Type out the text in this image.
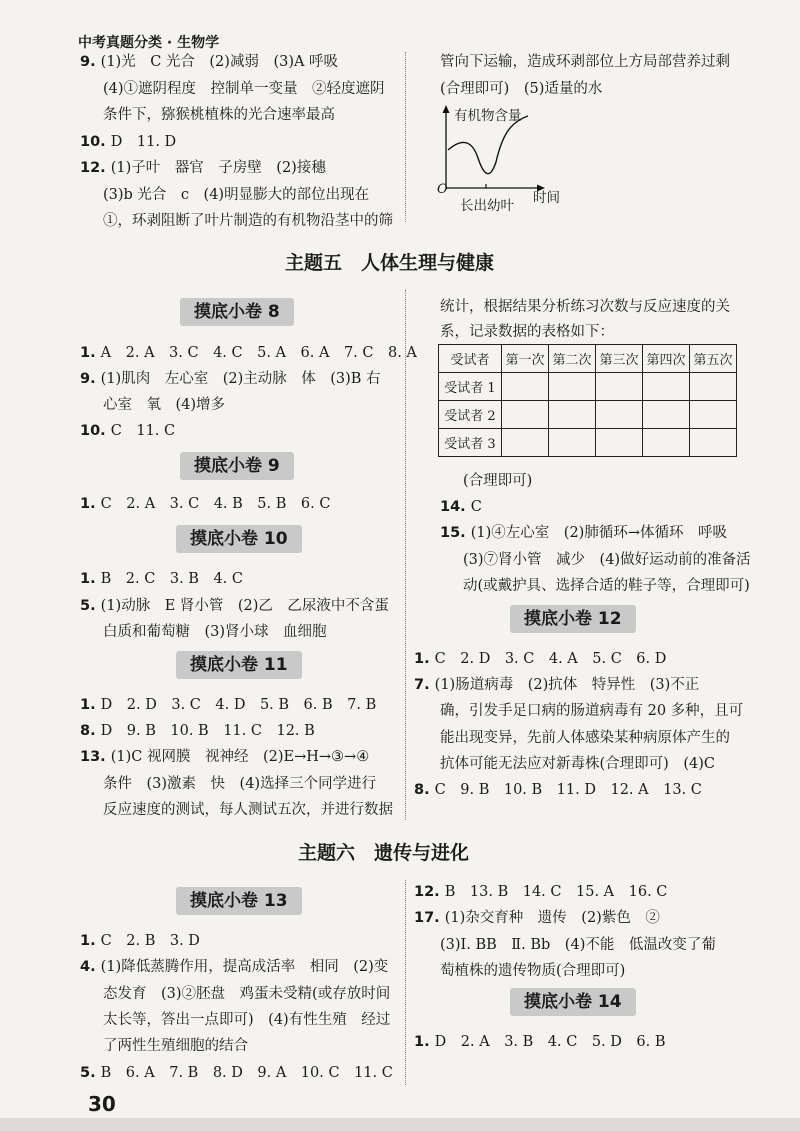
中考真题分类 · 生物学
9. (1)光　C 光合　(2)减弱　(3)A 呼吸
(4)①遮阴程度　控制单一变量　②轻度遮阴
条件下，猕猴桃植株的光合速率最高
10. D　11. D
12. (1)子叶　器官　子房壁　(2)接穗
(3)b 光合　c　(4)明显膨大的部位出现在
①，环剥阻断了叶片制造的有机物沿茎中的筛
管向下运输，造成环剥部位上方局部营养过剩
(合理即可)　(5)适量的水
1. A　2. A　3. C　4. C　5. A　6. A　7. C　8. A
9. (1)肌肉　左心室　(2)主动脉　体　(3)B 右
心室　氧　(4)增多
10. C　11. C
1. C　2. A　3. C　4. B　5. B　6. C
1. B　2. C　3. B　4. C
5. (1)动脉　E 肾小管　(2)乙　乙尿液中不含蛋
白质和葡萄糖　(3)肾小球　血细胞
1. D　2. D　3. C　4. D　5. B　6. B　7. B
8. D　9. B　10. B　11. C　12. B
13. (1)C 视网膜　视神经　(2)E→H→③→④
条件　(3)激素　快　(4)选择三个同学进行
反应速度的测试，每人测试五次，并进行数据
统计，根据结果分析练习次数与反应速度的关
系，记录数据的表格如下：
(合理即可)
14. C
15. (1)④左心室　(2)肺循环→体循环　呼吸
(3)⑦肾小管　减少　(4)做好运动前的准备活
动(或戴护具、选择合适的鞋子等，合理即可)
1. C　2. D　3. C　4. A　5. C　6. D
7. (1)肠道病毒　(2)抗体　特异性　(3)不正
确，引发手足口病的肠道病毒有 20 多种，且可
能出现变异，先前人体感染某种病原体产生的
抗体可能无法应对新毒株(合理即可)　(4)C
8. C　9. B　10. B　11. D　12. A　13. C
1. C　2. B　3. D
4. (1)降低蒸腾作用，提高成活率　相同　(2)变
态发育　(3)②胚盘　鸡蛋未受精(或存放时间
太长等，答出一点即可)　(4)有性生殖　经过
了两性生殖细胞的结合
5. B　6. A　7. B　8. D　9. A　10. C　11. C
12. B　13. B　14. C　15. A　16. C
17. (1)杂交育种　遗传　(2)紫色　②
(3)Ⅰ. BB　Ⅱ. Bb　(4)不能　低温改变了葡
萄植株的遗传物质(合理即可)
1. D　2. A　3. B　4. C　5. D　6. B
主题五　人体生理与健康
主题六　遗传与进化
摸底小卷 8
摸底小卷 9
摸底小卷 10
摸底小卷 11
摸底小卷 12
摸底小卷 13
摸底小卷 14
有机物含量
O
长出幼叶 时间
受试者	第一次	第二次	第三次	第四次	第五次
受试者 1					
受试者 2					
受试者 3					
30
